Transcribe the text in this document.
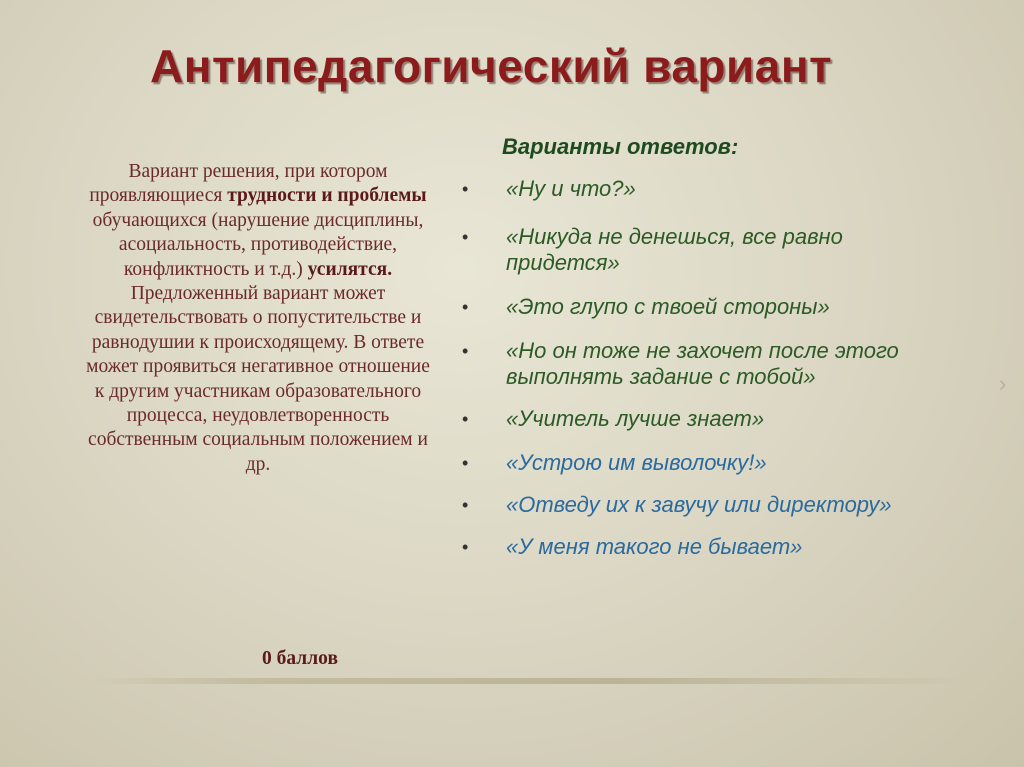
Антипедагогический вариант
Вариант решения, при котором проявляющиеся трудности и проблемы обучающихся (нарушение дисциплины, асоциальность, противодействие, конфликтность и т.д.) усилятся. Предложенный вариант может свидетельствовать о попустительстве и равнодушии к происходящему. В ответе может проявиться негативное отношение к другим участникам образовательного процесса, неудовлетворенность собственным социальным положением и др.
0 баллов
Варианты ответов:
• «Ну и что?»
• «Никуда не денешься, все равно придется»
• «Это глупо с твоей стороны»
• «Но он тоже не захочет после этого выполнять задание с тобой»
• «Учитель лучше знает»
• «Устрою им выволочку!»
• «Отведу их к завучу или директору»
• «У меня такого не бывает»
›
